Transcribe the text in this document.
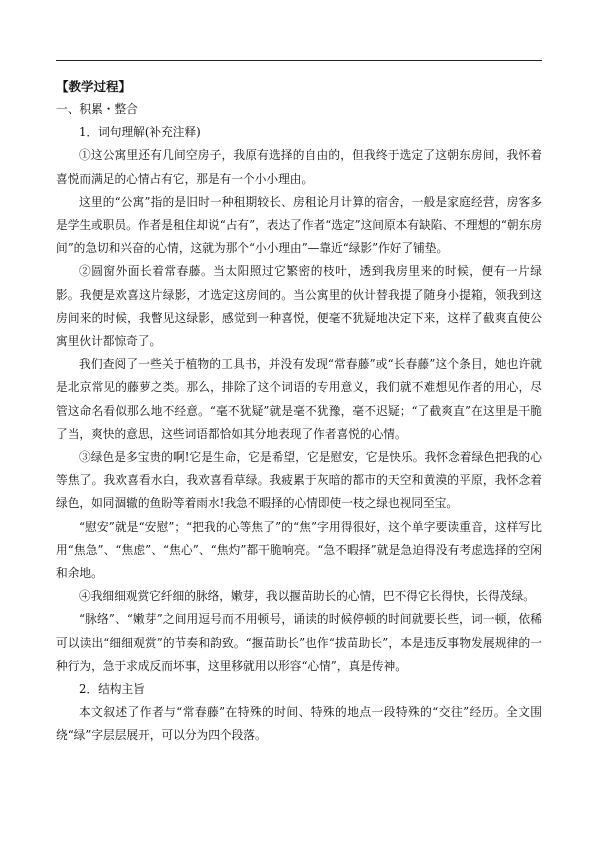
【教学过程】

一、积累・整合

1．词句理解(补充注释)

①这公寓里还有几间空房子，我原有选择的自由的，但我终于选定了这朝东房间，我怀着喜悦而满足的心情占有它，那是有一个小小理由。

这里的“公寓”指的是旧时一种租期较长、房租论月计算的宿舍，一般是家庭经营，房客多是学生或职员。作者是租住却说“占有”，表达了作者“选定”这间原本有缺陷、不理想的“朝东房间”的急切和兴奋的心情，这就为那个“小小理由”—靠近“绿影”作好了铺垫。

②圆窗外面长着常春藤。当太阳照过它繁密的枝叶，透到我房里来的时候，便有一片绿影。我便是欢喜这片绿影，才选定这房间的。当公寓里的伙计替我提了随身小提箱，领我到这房间来的时候，我瞥见这绿影，感觉到一种喜悦，便毫不犹疑地决定下来，这样了截爽直使公寓里伙计都惊奇了。

我们查阅了一些关于植物的工具书，并没有发现“常春藤”或“长春藤”这个条目，她也许就是北京常见的藤萝之类。那么，排除了这个词语的专用意义，我们就不难想见作者的用心，尽管这命名看似那么地不经意。“毫不犹疑”就是毫不犹豫，毫不迟疑；“了截爽直”在这里是干脆了当，爽快的意思，这些词语都恰如其分地表现了作者喜悦的心情。

③绿色是多宝贵的啊!它是生命，它是希望，它是慰安，它是快乐。我怀念着绿色把我的心等焦了。我欢喜看水白，我欢喜看草绿。我疲累于灰暗的都市的天空和黄漠的平原，我怀念着绿色，如同涸辙的鱼盼等着雨水!我急不暇择的心情即使一枝之绿也视同至宝。

“慰安”就是“安慰”；“把我的心等焦了”的“焦”字用得很好，这个单字要读重音，这样写比用“焦急”、“焦虑”、“焦心”、“焦灼”都干脆响亮。“急不暇择”就是急迫得没有考虑选择的空闲和余地。

④我细细观赏它纤细的脉络，嫩芽，我以揠苗助长的心情，巴不得它长得快，长得茂绿。

“脉络”、“嫩芽”之间用逗号而不用顿号，诵读的时候停顿的时间就要长些，词一顿，依稀可以读出“细细观赏”的节奏和韵致。“揠苗助长”也作“拔苗助长”，本是违反事物发展规律的一种行为，急于求成反而坏事，这里移就用以形容“心情”，真是传神。

2．结构主旨

本文叙述了作者与“常春藤”在特殊的时间、特殊的地点一段特殊的“交往”经历。全文围绕“绿”字层层展开，可以分为四个段落。
